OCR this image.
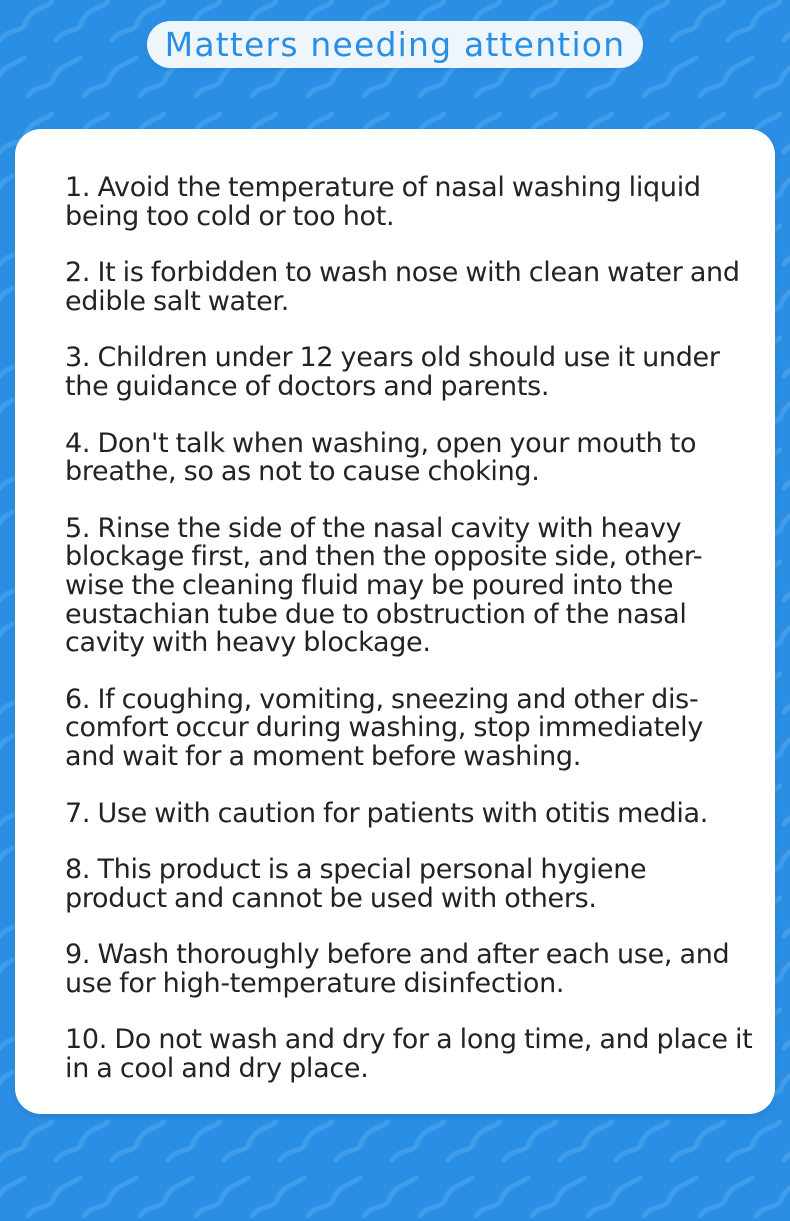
Matters needing attention
1. Avoid the temperature of nasal washing liquid being too cold or too hot.
2. It is forbidden to wash nose with clean water and edible salt water.
3. Children under 12 years old should use it under the guidance of doctors and parents.
4. Don't talk when washing, open your mouth to breathe, so as not to cause choking.
5. Rinse the side of the nasal cavity with heavy blockage first, and then the opposite side, other-wise the cleaning fluid may be poured into the eustachian tube due to obstruction of the nasal cavity with heavy blockage.
6. If coughing, vomiting, sneezing and other dis-comfort occur during washing, stop immediately and wait for a moment before washing.
7. Use with caution for patients with otitis media.
8. This product is a special personal hygiene product and cannot be used with others.
9. Wash thoroughly before and after each use, and use for high-temperature disinfection.
10. Do not wash and dry for a long time, and place it in a cool and dry place.
